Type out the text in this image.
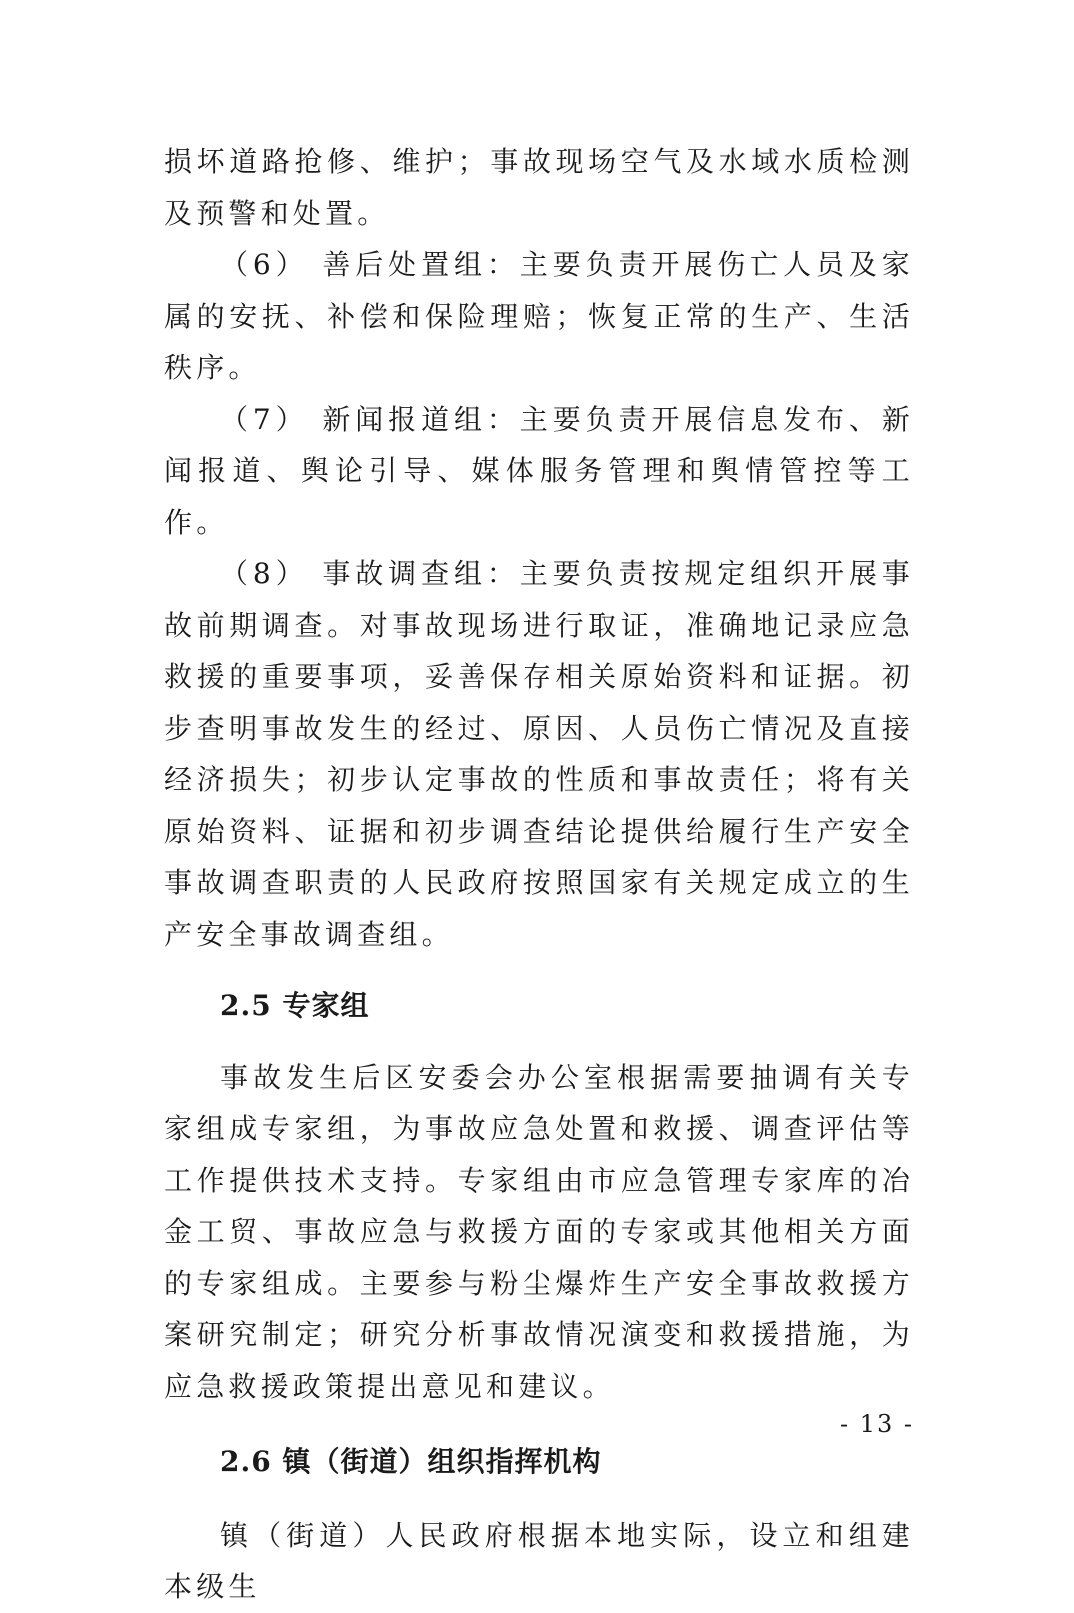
损坏道路抢修、维护；事故现场空气及水域水质检测及预警和处置。

（6） 善后处置组：主要负责开展伤亡人员及家属的安抚、补偿和保险理赔；恢复正常的生产、生活秩序。

（7） 新闻报道组：主要负责开展信息发布、新闻报道、舆论引导、媒体服务管理和舆情管控等工作。

（8） 事故调查组：主要负责按规定组织开展事故前期调查。对事故现场进行取证，准确地记录应急救援的重要事项，妥善保存相关原始资料和证据。初步查明事故发生的经过、原因、人员伤亡情况及直接经济损失；初步认定事故的性质和事故责任；将有关原始资料、证据和初步调查结论提供给履行生产安全事故调查职责的人民政府按照国家有关规定成立的生产安全事故调查组。

2.5 专家组

事故发生后区安委会办公室根据需要抽调有关专家组成专家组，为事故应急处置和救援、调查评估等工作提供技术支持。专家组由市应急管理专家库的冶金工贸、事故应急与救援方面的专家或其他相关方面的专家组成。主要参与粉尘爆炸生产安全事故救援方案研究制定；研究分析事故情况演变和救援措施，为应急救援政策提出意见和建议。

2.6 镇（街道）组织指挥机构

镇（街道）人民政府根据本地实际，设立和组建本级生

- 13 -
